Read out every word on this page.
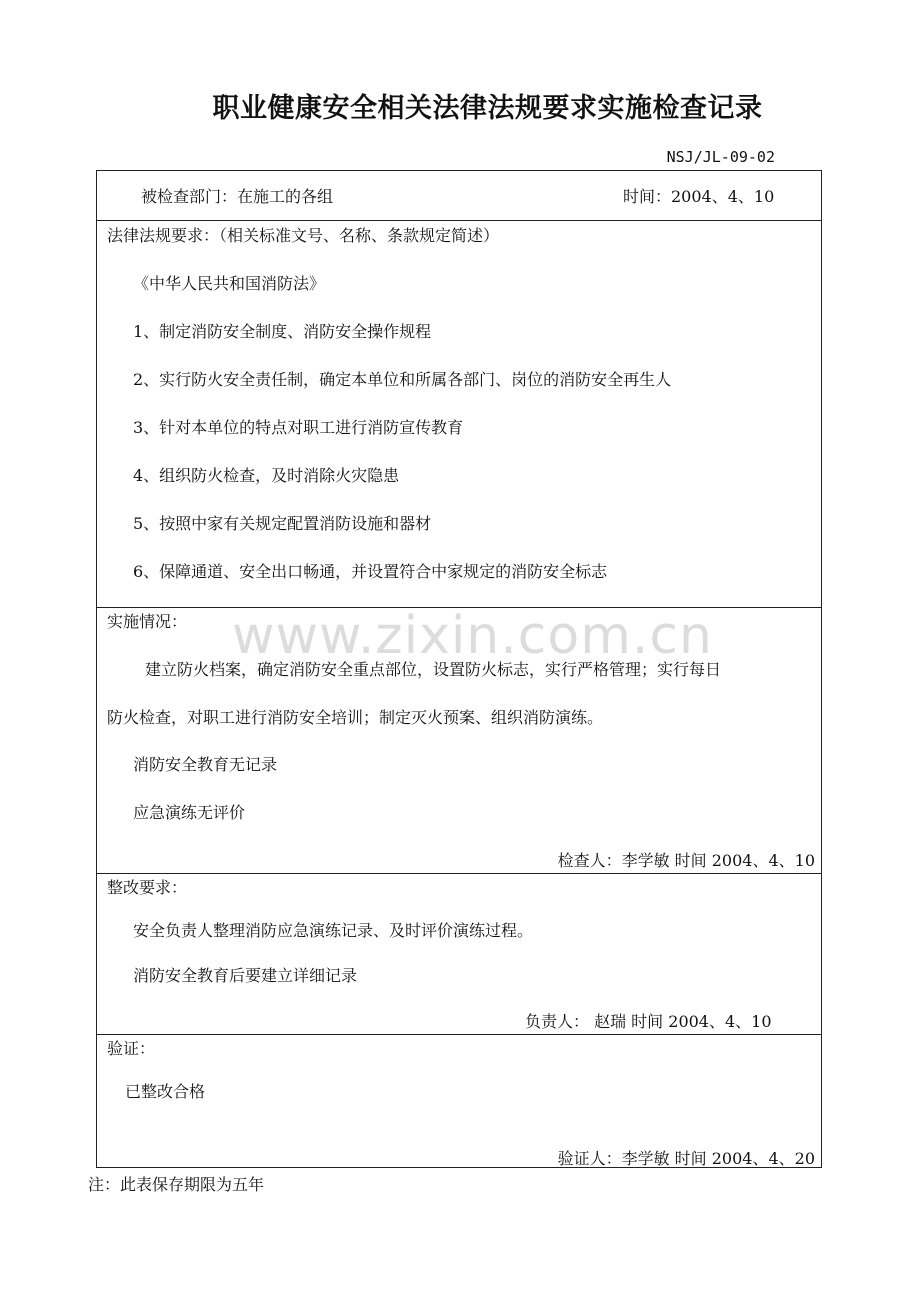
职业健康安全相关法律法规要求实施检查记录
NSJ/JL-09-02
被检查部门：在施工的各组	时间：2004、4、10
法律法规要求：（相关标准文号、名称、条款规定简述）
《中华人民共和国消防法》
1、制定消防安全制度、消防安全操作规程
2、实行防火安全责任制，确定本单位和所属各部门、岗位的消防安全再生人
3、针对本单位的特点对职工进行消防宣传教育
4、组织防火检查，及时消除火灾隐患
5、按照中家有关规定配置消防设施和器材
6、保障通道、安全出口畅通，并设置符合中家规定的消防安全标志
实施情况：
建立防火档案，确定消防安全重点部位，设置防火标志，实行严格管理；实行每日
防火检查，对职工进行消防安全培训；制定灭火预案、组织消防演练。
消防安全教育无记录
应急演练无评价
检查人：李学敏 时间 2004、4、10
整改要求：
安全负责人整理消防应急演练记录、及时评价演练过程。
消防安全教育后要建立详细记录
负责人： 赵瑞 时间 2004、4、10
验证：
已整改合格
验证人：李学敏 时间 2004、4、20
注：此表保存期限为五年
www.zixin.com.cn
